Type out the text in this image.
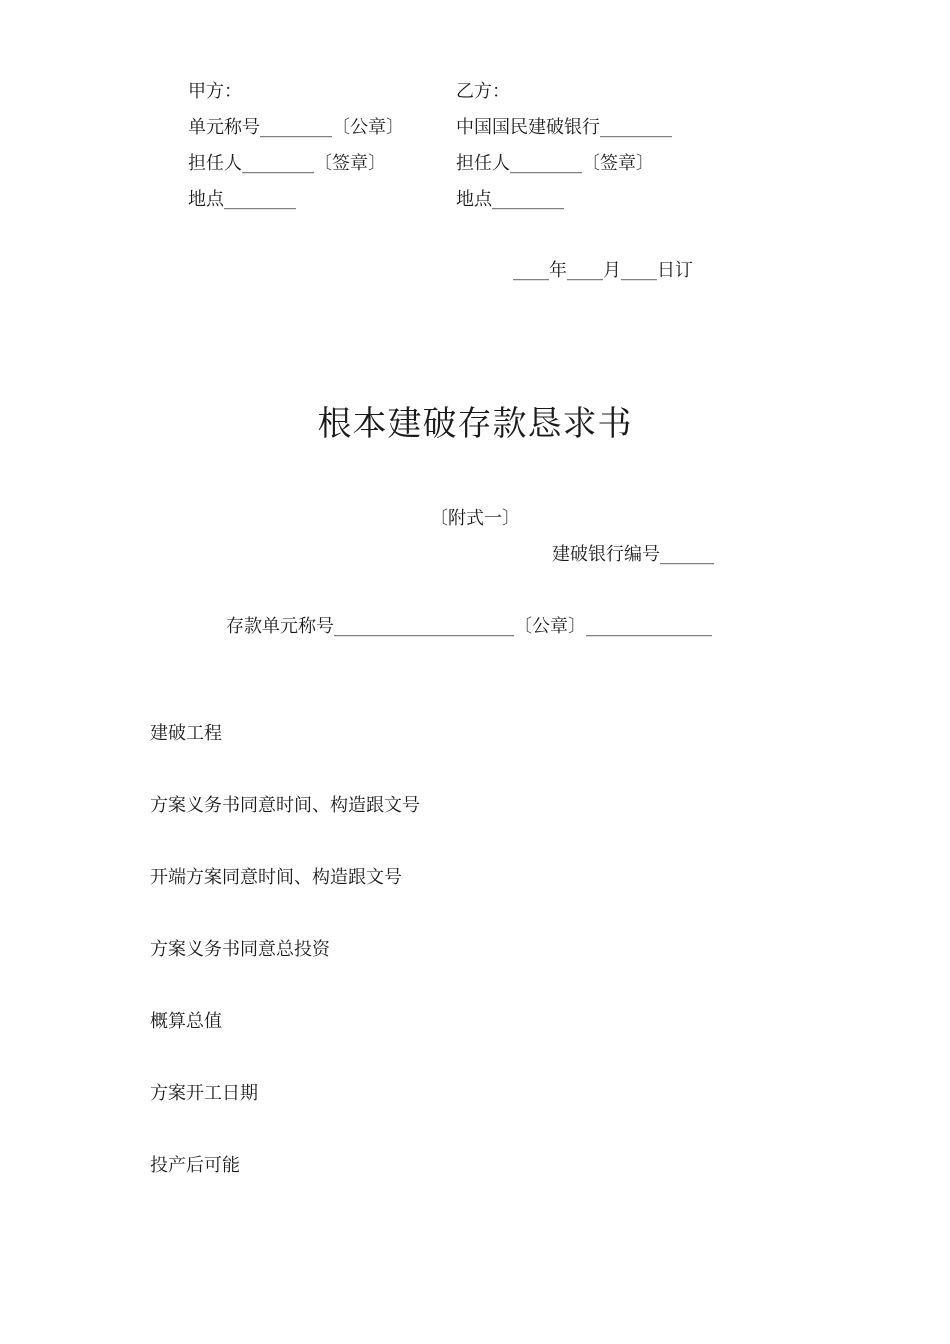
甲方：
单元称号________〔公章〕
担任人________〔签章〕
地点________
乙方：
中国国民建破银行________
担任人________〔签章〕
地点________
____年____月____日订
根本建破存款恳求书
〔附式一〕
建破银行编号______
存款单元称号____________________〔公章〕______________
建破工程
方案义务书同意时间、构造跟文号
开端方案同意时间、构造跟文号
方案义务书同意总投资
概算总值
方案开工日期
投产后可能
